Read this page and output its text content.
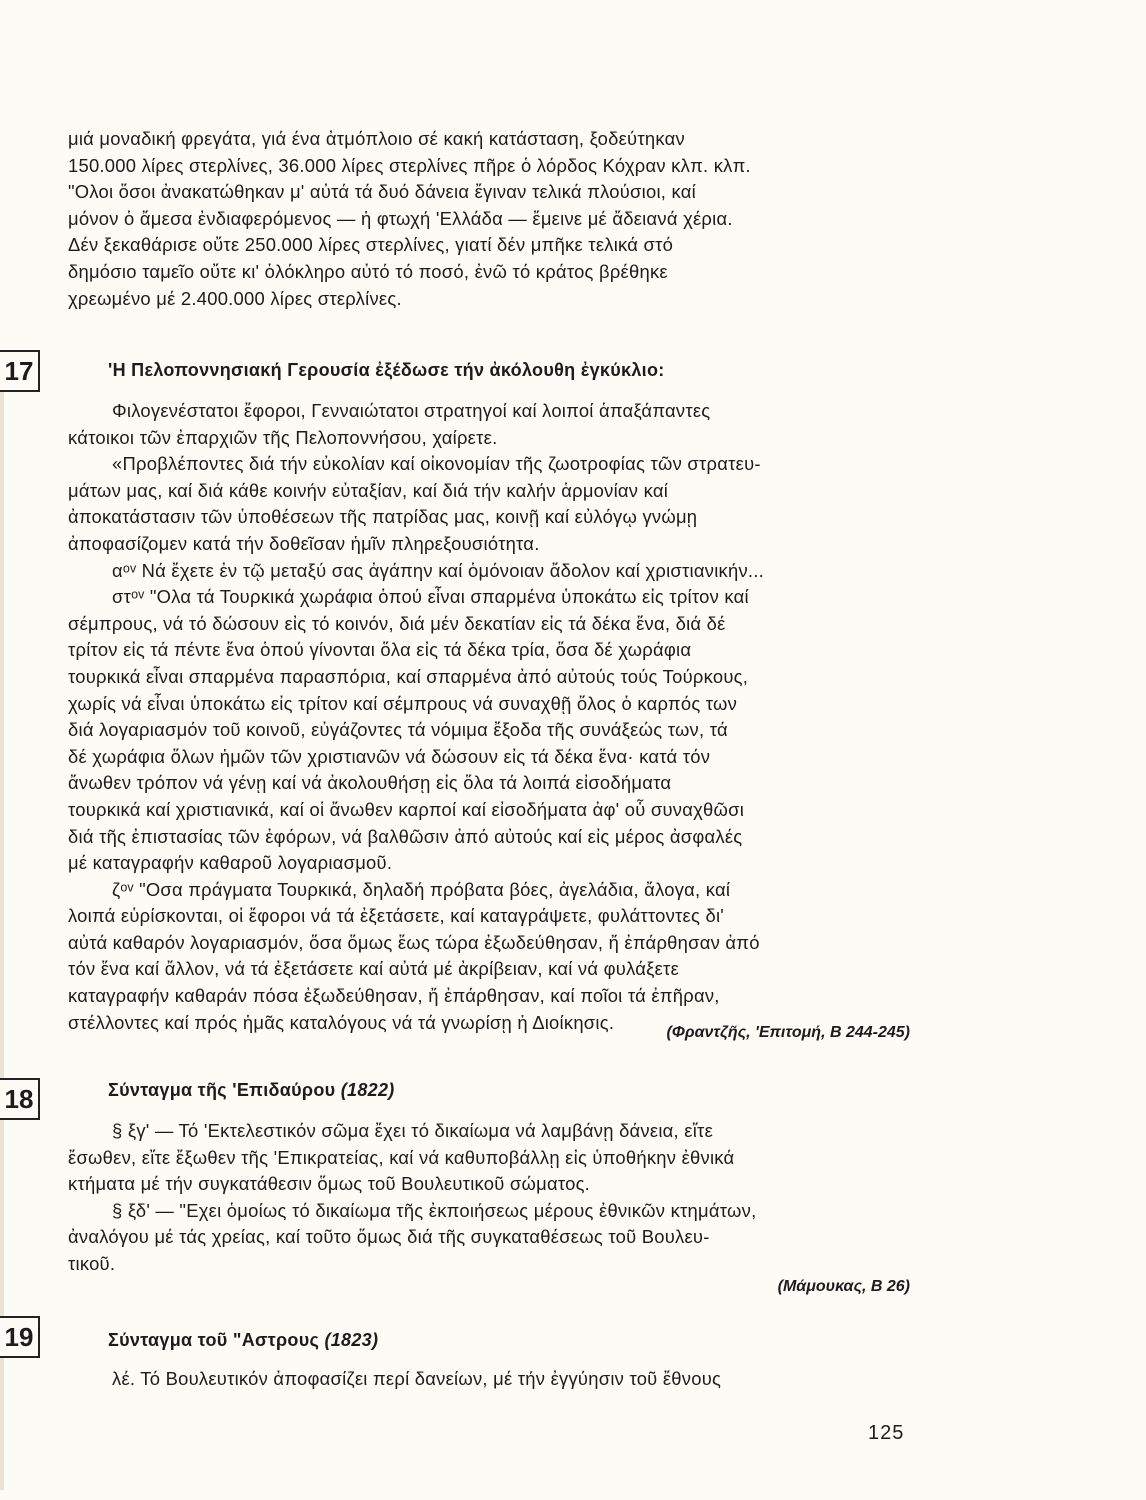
μιά μοναδική φρεγάτα, γιά ένα ἀτμόπλοιο σέ κακή κατάσταση, ξοδεύτηκαν
150.000 λίρες στερλίνες, 36.000 λίρες στερλίνες πῆρε ὁ λόρδος Κόχραν κλπ. κλπ.
"Ολοι ὅσοι ἀνακατώθηκαν μ' αὐτά τά δυό δάνεια ἔγιναν τελικά πλούσιοι, καί
μόνον ὁ ἄμεσα ἐνδιαφερόμενος — ἡ φτωχή 'Ελλάδα — ἔμεινε μέ ἄδειανά χέρια.
Δέν ξεκαθάρισε οὔτε 250.000 λίρες στερλίνες, γιατί δέν μπῆκε τελικά στό
δημόσιο ταμεῖο οὔτε κι' ὁλόκληρο αὐτό τό ποσό, ἐνῶ τό κράτος βρέθηκε
χρεωμένο μέ 2.400.000 λίρες στερλίνες.
17	'Η Πελοποννησιακή Γερουσία ἐξέδωσε τήν ἀκόλουθη ἐγκύκλιο:
Φιλογενέστατοι ἔφοροι, Γενναιώτατοι στρατηγοί καί λοιποί ἁπαξάπαντες
κάτοικοι τῶν ἐπαρχιῶν τῆς Πελοποννήσου, χαίρετε.
«Προβλέποντες διά τήν εὐκολίαν καί οἰκονομίαν τῆς ζωοτροφίας τῶν στρατευ-
μάτων μας, καί διά κάθε κοινήν εὐταξίαν, καί διά τήν καλήν ἁρμονίαν καί
ἀποκατάστασιν τῶν ὑποθέσεων τῆς πατρίδας μας, κοινῇ καί εὐλόγῳ γνώμῃ
ἀποφασίζομεν κατά τήν δοθεῖσαν ἡμῖν πληρεξουσιότητα.
αᵒᵛ Νά ἔχετε ἐν τῷ μεταξύ σας ἀγάπην καί ὁμόνοιαν ἄδολον καί χριστιανικήν...
στᵒᵛ "Ολα τά Τουρκικά χωράφια ὁπού εἶναι σπαρμένα ὑποκάτω εἰς τρίτον καί
σέμπρους, νά τό δώσουν εἰς τό κοινόν, διά μέν δεκατίαν εἰς τά δέκα ἕνα, διά δέ
τρίτον εἰς τά πέντε ἕνα ὁπού γίνονται ὅλα εἰς τά δέκα τρία, ὅσα δέ χωράφια
τουρκικά εἶναι σπαρμένα παρασπόρια, καί σπαρμένα ἀπό αὐτούς τούς Τούρκους,
χωρίς νά εἶναι ὑποκάτω εἰς τρίτον καί σέμπρους νά συναχθῇ ὅλος ὁ καρπός των
διά λογαριασμόν τοῦ κοινοῦ, εὐγάζοντες τά νόμιμα ἔξοδα τῆς συνάξεώς των, τά
δέ χωράφια ὅλων ἡμῶν τῶν χριστιανῶν νά δώσουν εἰς τά δέκα ἕνα· κατά τόν
ἄνωθεν τρόπον νά γένῃ καί νά ἀκολουθήσῃ εἰς ὅλα τά λοιπά εἰσοδήματα
τουρκικά καί χριστιανικά, καί οἱ ἄνωθεν καρποί καί εἰσοδήματα ἀφ' οὗ συναχθῶσι
διά τῆς ἐπιστασίας τῶν ἐφόρων, νά βαλθῶσιν ἀπό αὐτούς καί εἰς μέρος ἀσφαλές
μέ καταγραφήν καθαροῦ λογαριασμοῦ.
ζᵒᵛ "Οσα πράγματα Τουρκικά, δηλαδή πρόβατα βόες, ἀγελάδια, ἄλογα, καί
λοιπά εὑρίσκονται, οἱ ἔφοροι νά τά ἐξετάσετε, καί καταγράψετε, φυλάττοντες δι'
αὐτά καθαρόν λογαριασμόν, ὅσα ὅμως ἕως τώρα ἐξωδεύθησαν, ἤ ἐπάρθησαν ἀπό
τόν ἕνα καί ἄλλον, νά τά ἐξετάσετε καί αὐτά μέ ἀκρίβειαν, καί νά φυλάξετε
καταγραφήν καθαράν πόσα ἐξωδεύθησαν, ἤ ἐπάρθησαν, καί ποῖοι τά ἐπῆραν,
στέλλοντες καί πρός ἡμᾶς καταλόγους νά τά γνωρίσῃ ἡ Διοίκησις.	(Φραντζῆς, 'Επιτομή, Β 244-245)
18	Σύνταγμα τῆς 'Επιδαύρου (1822)
§ ξγ' — Τό 'Εκτελεστικόν σῶμα ἔχει τό δικαίωμα νά λαμβάνῃ δάνεια, εἴτε
ἔσωθεν, εἴτε ἔξωθεν τῆς 'Επικρατείας, καί νά καθυποβάλλῃ εἰς ὑποθήκην ἐθνικά
κτήματα μέ τήν συγκατάθεσιν ὅμως τοῦ Βουλευτικοῦ σώματος.
§ ξδ' — "Εχει ὁμοίως τό δικαίωμα τῆς ἐκποιήσεως μέρους ἐθνικῶν κτημάτων,
ἀναλόγου μέ τάς χρείας, καί τοῦτο ὅμως διά τῆς συγκαταθέσεως τοῦ Βουλευ-
τικοῦ.
(Μάμουκας, Β 26)
19	Σύνταγμα τοῦ "Αστρους (1823)
λέ. Τό Βουλευτικόν ἀποφασίζει περί δανείων, μέ τήν ἐγγύησιν τοῦ ἔθνους
125
